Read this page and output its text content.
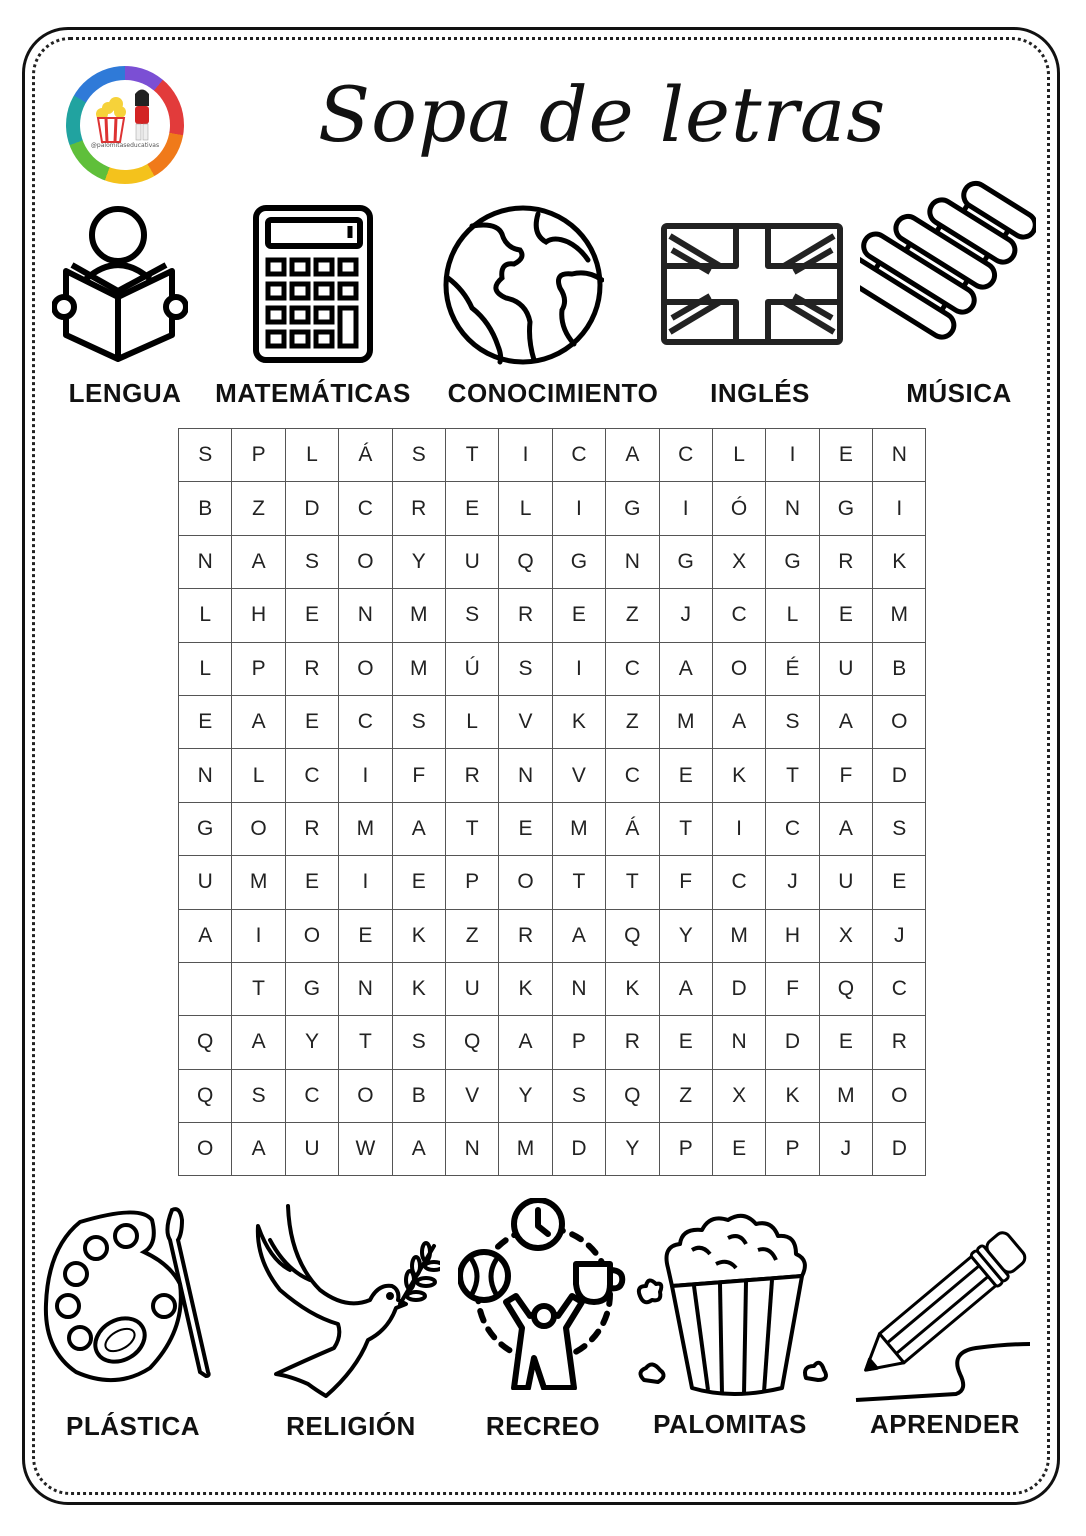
@palomitaseducativas Sopa de letras
LENGUA MATEMÁTICAS CONOCIMIENTO	INGLÉS	MÚSICA
S	P	L	Á	S	T	I	C	A	C	L	I	E	N
B	Z	D	C	R	E	L	I	G	I	Ó	N	G	I
N	A	S	O	Y	U	Q	G	N	G	X	G	R	K
L	H	E	N	M	S	R	E	Z	J	C	L	E	M
L	P	R	O	M	Ú	S	I	C	A	O	É	U	B
E	A	E	C	S	L	V	K	Z	M	A	S	A	O
N	L	C	I	F	R	N	V	C	E	K	T	F	D
G	O	R	M	A	T	E	M	Á	T	I	C	A	S
U	M	E	I	E	P	O	T	T	F	C	J	U	E
A	I	O	E	K	Z	R	A	Q	Y	M	H	X	J
	T	G	N	K	U	K	N	K	A	D	F	Q	C
Q	A	Y	T	S	Q	A	P	R	E	N	D	E	R
Q	S	C	O	B	V	Y	S	Q	Z	X	K	M	O
O	A	U	W	A	N	M	D	Y	P	E	P	J	D
PLÁSTICA	RELIGIÓN	RECREO PALOMITAS APRENDER
